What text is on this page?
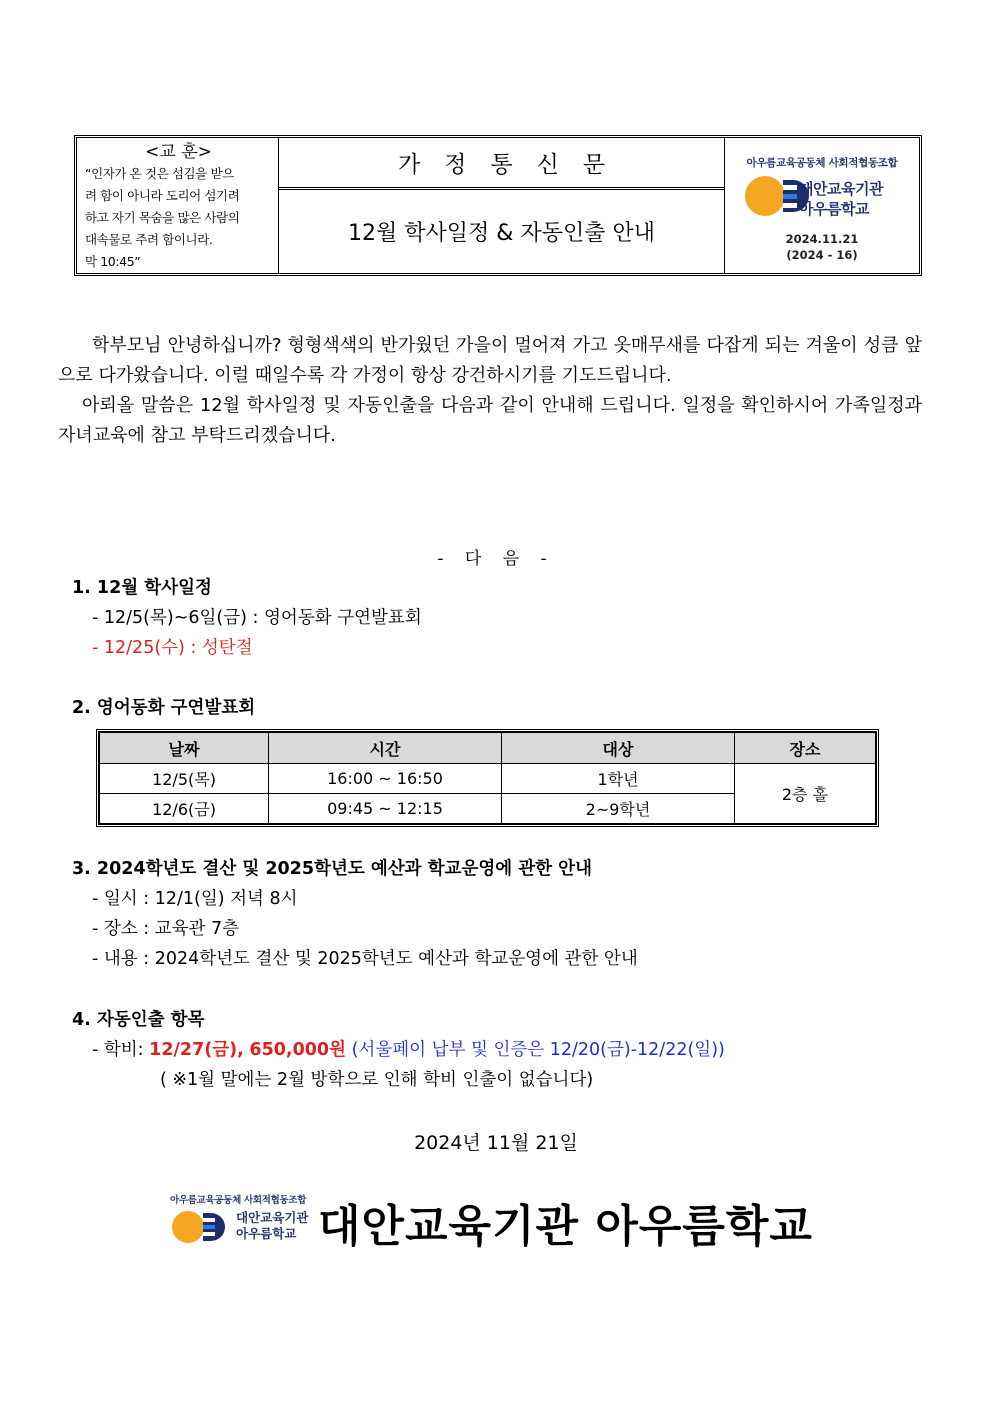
<교 훈>
“인자가 온 것은 섬김을 받으
려 함이 아니라 도리어 섬기려
하고 자기 목숨을 많은 사람의
대속물로 주려 함이니라.
막 10:45”
가정통신문
12월 학사일정 & 자동인출 안내
아우름교육공동체 사회적협동조합
대안교육기관
아우름학교
2024.11.21
(2024 - 16)

학부모님 안녕하십니까? 형형색색의 반가웠던 가을이 멀어져 가고 옷매무새를 다잡게 되는 겨울이 성큼 앞으로 다가왔습니다. 이럴 때일수록 각 가정이 항상 강건하시기를 기도드립니다.

아뢰올 말씀은 12월 학사일정 및 자동인출을 다음과 같이 안내해 드립니다. 일정을 확인하시어 가족일정과 자녀교육에 참고 부탁드리겠습니다.

- 다 음 -
1. 12월 학사일정
- 12/5(목)~6일(금) : 영어동화 구연발표회
- 12/25(수) : 성탄절
2. 영어동화 구연발표회
날짜	시간	대상	장소
12/5(목)	16:00 ~ 16:50	1학년	2층 홀
12/6(금)	09:45 ~ 12:15	2~9학년	
3. 2024학년도 결산 및 2025학년도 예산과 학교운영에 관한 안내
- 일시 : 12/1(일) 저녁 8시
- 장소 : 교육관 7층
- 내용 : 2024학년도 결산 및 2025학년도 예산과 학교운영에 관한 안내
4. 자동인출 항목
- 학비: 12/27(금), 650,000원 (서울페이 납부 및 인증은 12/20(금)-12/22(일))
( ※1월 말에는 2월 방학으로 인해 학비 인출이 없습니다)
2024년 11월 21일
아우름교육공동체 사회적협동조합
대안교육기관
아우름학교 대안교육기관 아우름학교
